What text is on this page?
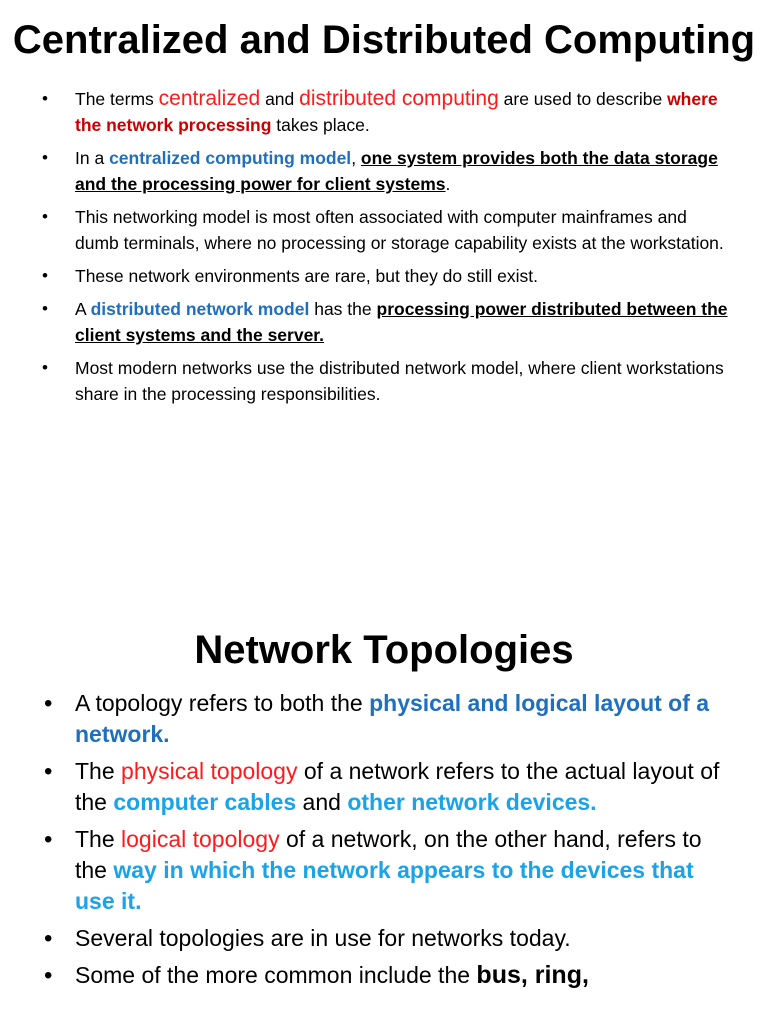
Centralized and Distributed Computing
• The terms centralized and distributed computing are used to describe where the network processing takes place.
• In a centralized computing model, one system provides both the data storage and the processing power for client systems.
• This networking model is most often associated with computer mainframes and dumb terminals, where no processing or storage capability exists at the workstation.
• These network environments are rare, but they do still exist.
• A distributed network model has the processing power distributed between the client systems and the server.
• Most modern networks use the distributed network model, where client workstations share in the processing responsibilities.
Network Topologies
• A topology refers to both the physical and logical layout of a network.
• The physical topology of a network refers to the actual layout of the computer cables and other network devices.
• The logical topology of a network, on the other hand, refers to the way in which the network appears to the devices that use it.
• Several topologies are in use for networks today.
• Some of the more common include the bus, ring,
